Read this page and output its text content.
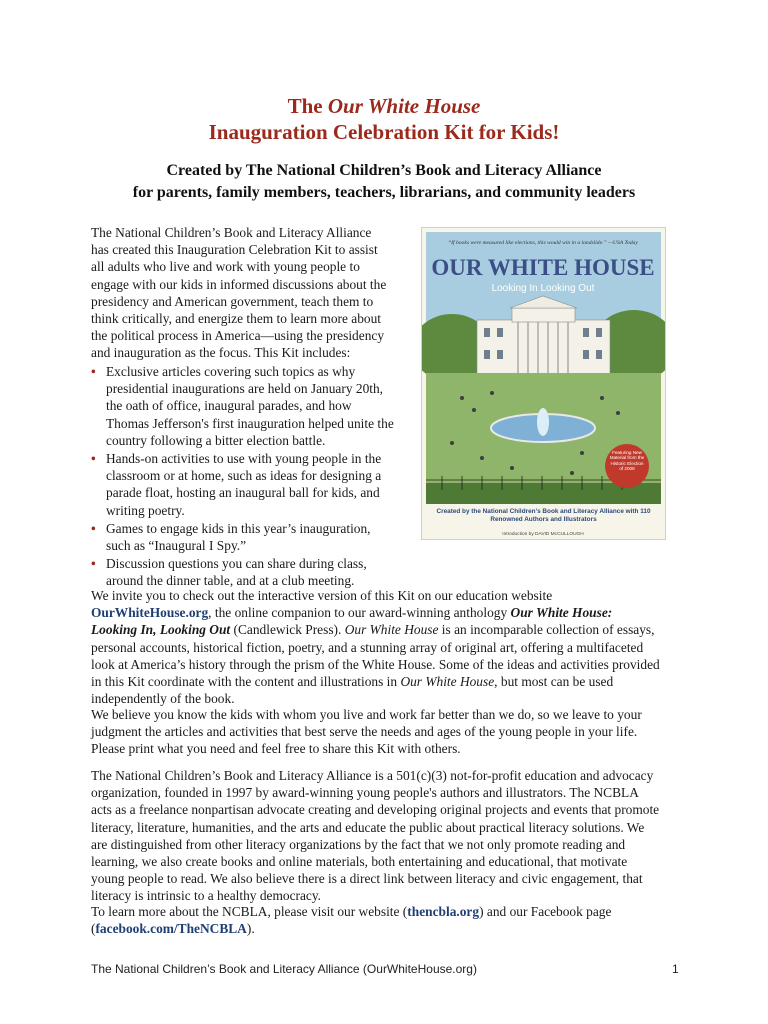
The Our White House
Inauguration Celebration Kit for Kids!
Created by The National Children’s Book and Literacy Alliance
for parents, family members, teachers, librarians, and community leaders

The National Children’s Book and Literacy Alliance has created this Inauguration Celebration Kit to assist all adults who live and work with young people to engage with our kids in informed discussions about the presidency and American government, teach them to think critically, and energize them to learn more about the political process in America—using the presidency and inauguration as the focus. This Kit includes:

• Exclusive articles covering such topics as why presidential inaugurations are held on January 20th, the oath of office, inaugural parades, and how Thomas Jefferson's first inauguration helped unite the country following a bitter election battle.
• Hands-on activities to use with young people in the classroom or at home, such as ideas for designing a parade float, hosting an inaugural ball for kids, and writing poetry.
• Games to engage kids in this year’s inauguration, such as “Inaugural I Spy.”
• Discussion questions you can share during class, around the dinner table, and at a club meeting.
“If books were measured like elections, this would win in a landslide.” —USA Today
OUR WHITE HOUSE
Looking In Looking Out
Featuring New Material from the Historic Election of 2008
Created by the National Children’s Book and Literacy Alliance with 110 Renowned Authors and Illustrators
Introduction by DAVID McCULLOUGH

We invite you to check out the interactive version of this Kit on our education website
OurWhiteHouse.org, the online companion to our award-winning anthology Our White House: Looking In, Looking Out (Candlewick Press). Our White House is an incomparable collection of essays, personal accounts, historical fiction, poetry, and a stunning array of original art, offering a multifaceted look at America’s history through the prism of the White House. Some of the ideas and activities provided in this Kit coordinate with the content and illustrations in Our White House, but most can be used independently of the book.

We believe you know the kids with whom you live and work far better than we do, so we leave to your judgment the articles and activities that best serve the needs and ages of the young people in your life. Please print what you need and feel free to share this Kit with others.

The National Children’s Book and Literacy Alliance is a 501(c)(3) not-for-profit education and advocacy organization, founded in 1997 by award-winning young people's authors and illustrators. The NCBLA acts as a freelance nonpartisan advocate creating and developing original projects and events that promote literacy, literature, humanities, and the arts and educate the public about practical literacy solutions. We are distinguished from other literacy organizations by the fact that we not only promote reading and learning, we also create books and online materials, both entertaining and educational, that motivate young people to read. We also believe there is a direct link between literacy and civic engagement, that literacy is intrinsic to a healthy democracy.

To learn more about the NCBLA, please visit our website (thencbla.org) and our Facebook page (facebook.com/TheNCBLA).

The National Children’s Book and Literacy Alliance (OurWhiteHouse.org)	1
